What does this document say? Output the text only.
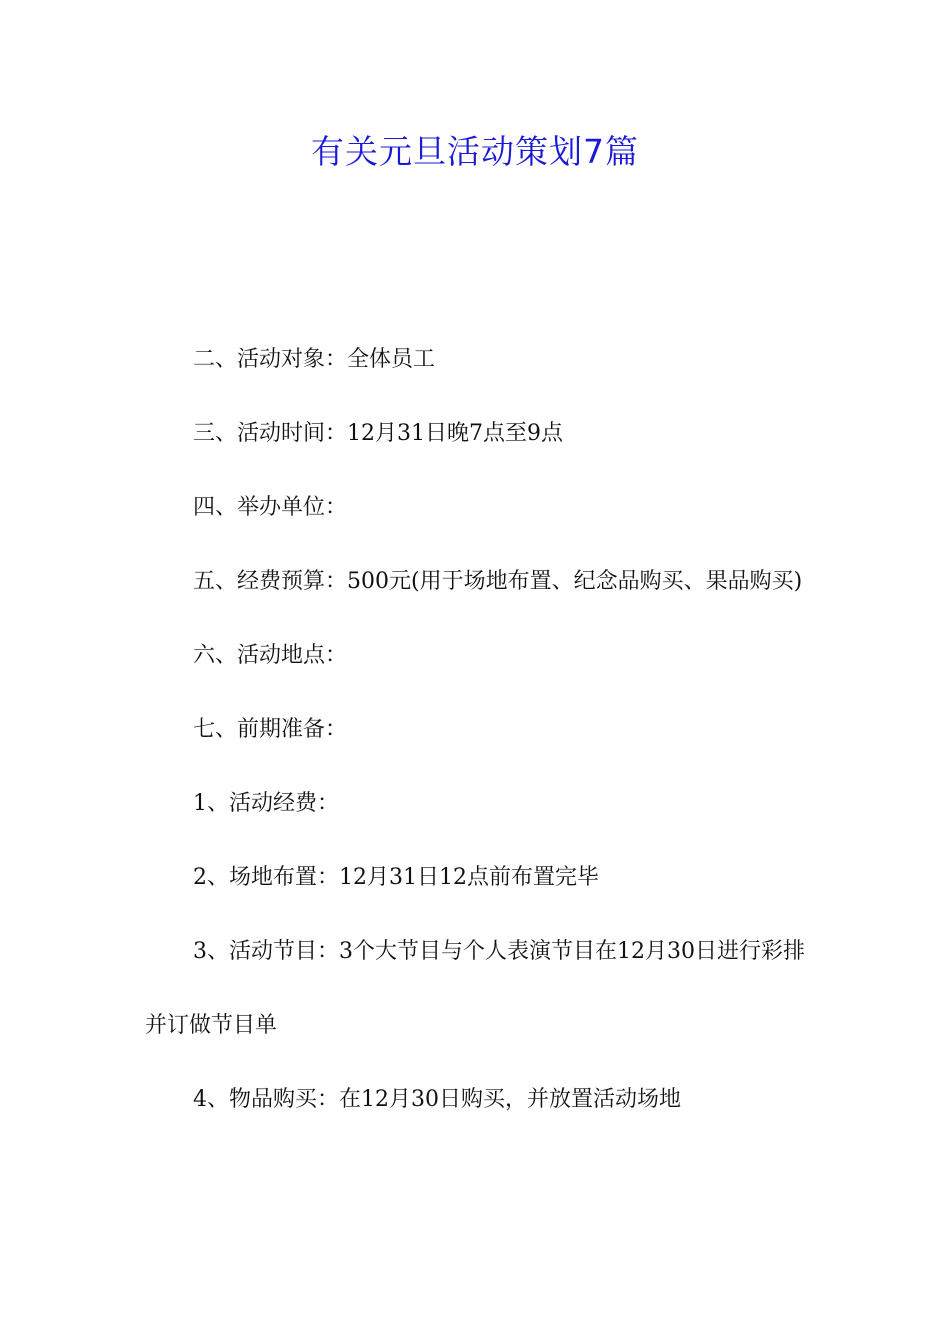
有关元旦活动策划7篇

二、活动对象：全体员工

三、活动时间：12月31日晚7点至9点

四、举办单位：

五、经费预算：500元(用于场地布置、纪念品购买、果品购买)

六、活动地点：

七、前期准备：

1、活动经费：

2、场地布置：12月31日12点前布置完毕

3、活动节目：3个大节目与个人表演节目在12月30日进行彩排并订做节目单

4、物品购买：在12月30日购买，并放置活动场地
